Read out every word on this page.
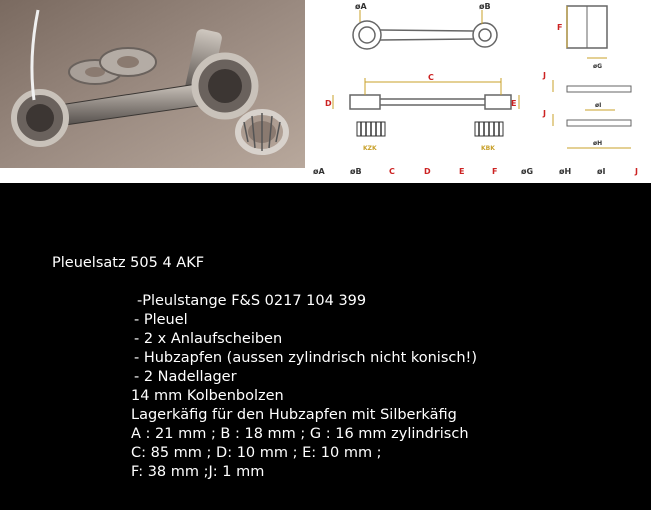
øA	øB
C
D	E
KZK	KBK
F
øG
J
øI
J
øH
øA	øB	C	D	E	F	øG	øH	øI	J
Pleuelsatz 505 4 AKF
-Pleulstange F&S 0217 104 399
- Pleuel
- 2 x Anlaufscheiben
- Hubzapfen (aussen zylindrisch nicht konisch!)
- 2 Nadellager
14 mm Kolbenbolzen
Lagerkäfig für den Hubzapfen mit Silberkäfig
A : 21 mm ; B : 18 mm ; G : 16 mm zylindrisch
C: 85 mm ; D: 10 mm ; E: 10 mm ;
F: 38 mm ;J: 1 mm
